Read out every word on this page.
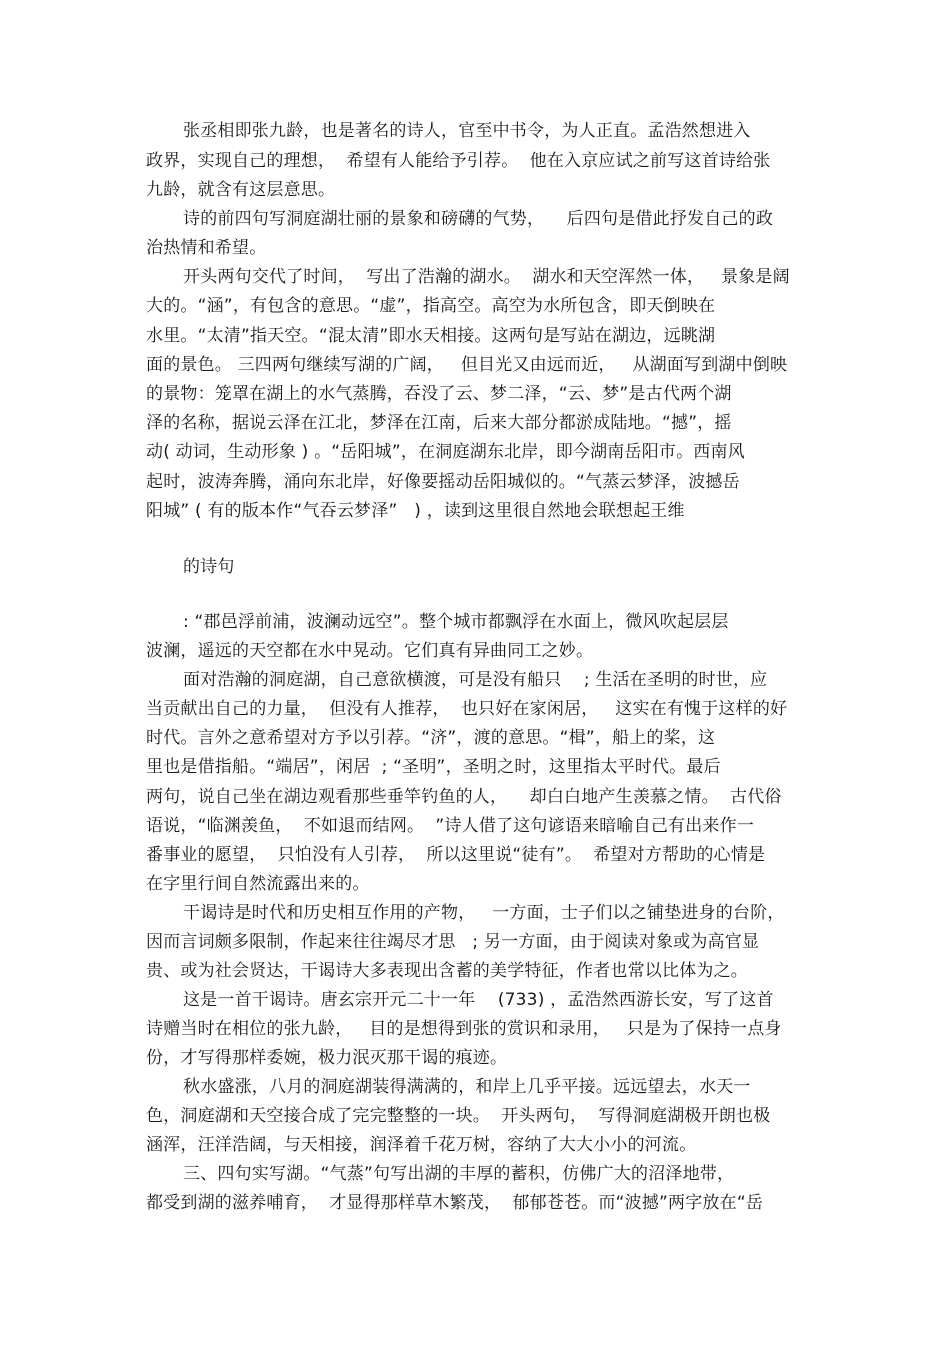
张丞相即张九龄，也是著名的诗人，官至中书令，为人正直。孟浩然想进入
政界，实现自己的理想，  希望有人能给予引荐。  他在入京应试之前写这首诗给张
九龄，就含有这层意思。
诗的前四句写洞庭湖壮丽的景象和磅礴的气势，    后四句是借此抒发自己的政
治热情和希望。
开头两句交代了时间，  写出了浩瀚的湖水。  湖水和天空浑然一体，   景象是阔
大的。“涵”，有包含的意思。“虚”，指高空。高空为水所包含，即天倒映在
水里。“太清”指天空。“混太清”即水天相接。这两句是写站在湖边，远眺湖
面的景色。 三四两句继续写湖的广阔，   但目光又由远而近，   从湖面写到湖中倒映
的景物：笼罩在湖上的水气蒸腾，吞没了云、梦二泽，“云、梦”是古代两个湖
泽的名称，据说云泽在江北，梦泽在江南，后来大部分都淤成陆地。“撼”，摇
动( 动词，生动形象 ) 。“岳阳城”，在洞庭湖东北岸，即今湖南岳阳市。西南风
起时，波涛奔腾，涌向东北岸，好像要摇动岳阳城似的。“气蒸云梦泽，波撼岳
阳城” ( 有的版本作“气吞云梦泽”   ) ，读到这里很自然地会联想起王维
的诗句
: “郡邑浮前浦，波澜动远空”。整个城市都飘浮在水面上，微风吹起层层
波澜，遥远的天空都在水中晃动。它们真有异曲同工之妙。
面对浩瀚的洞庭湖，自己意欲横渡，可是没有船只    ; 生活在圣明的时世，应
当贡献出自己的力量，  但没有人推荐，  也只好在家闲居，   这实在有愧于这样的好
时代。言外之意希望对方予以引荐。“济”，渡的意思。“楫”，船上的桨，这
里也是借指船。“端居”，闲居  ; “圣明”，圣明之时，这里指太平时代。最后
两句，说自己坐在湖边观看那些垂竿钓鱼的人，    却白白地产生羡慕之情。  古代俗
语说，“临渊羡鱼，  不如退而结网。  ”诗人借了这句谚语来暗喻自己有出来作一
番事业的愿望，  只怕没有人引荐，  所以这里说“徒有”。  希望对方帮助的心情是
在字里行间自然流露出来的。
干谒诗是时代和历史相互作用的产物，   一方面，士子们以之铺垫进身的台阶，
因而言词颇多限制，作起来往往竭尽才思   ; 另一方面，由于阅读对象或为高官显
贵、或为社会贤达，干谒诗大多表现出含蓄的美学特征，作者也常以比体为之。
这是一首干谒诗。唐玄宗开元二十一年    (733) ，孟浩然西游长安，写了这首
诗赠当时在相位的张九龄，   目的是想得到张的赏识和录用，   只是为了保持一点身
份，才写得那样委婉，极力泯灭那干谒的痕迹。
秋水盛涨，八月的洞庭湖装得满满的，和岸上几乎平接。远远望去，水天一
色，洞庭湖和天空接合成了完完整整的一块。  开头两句，  写得洞庭湖极开朗也极
涵浑，汪洋浩阔，与天相接，润泽着千花万树，容纳了大大小小的河流。
三、四句实写湖。“气蒸”句写出湖的丰厚的蓄积，仿佛广大的沼泽地带，
都受到湖的滋养哺育，  才显得那样草木繁茂，  郁郁苍苍。而“波撼”两字放在“岳
